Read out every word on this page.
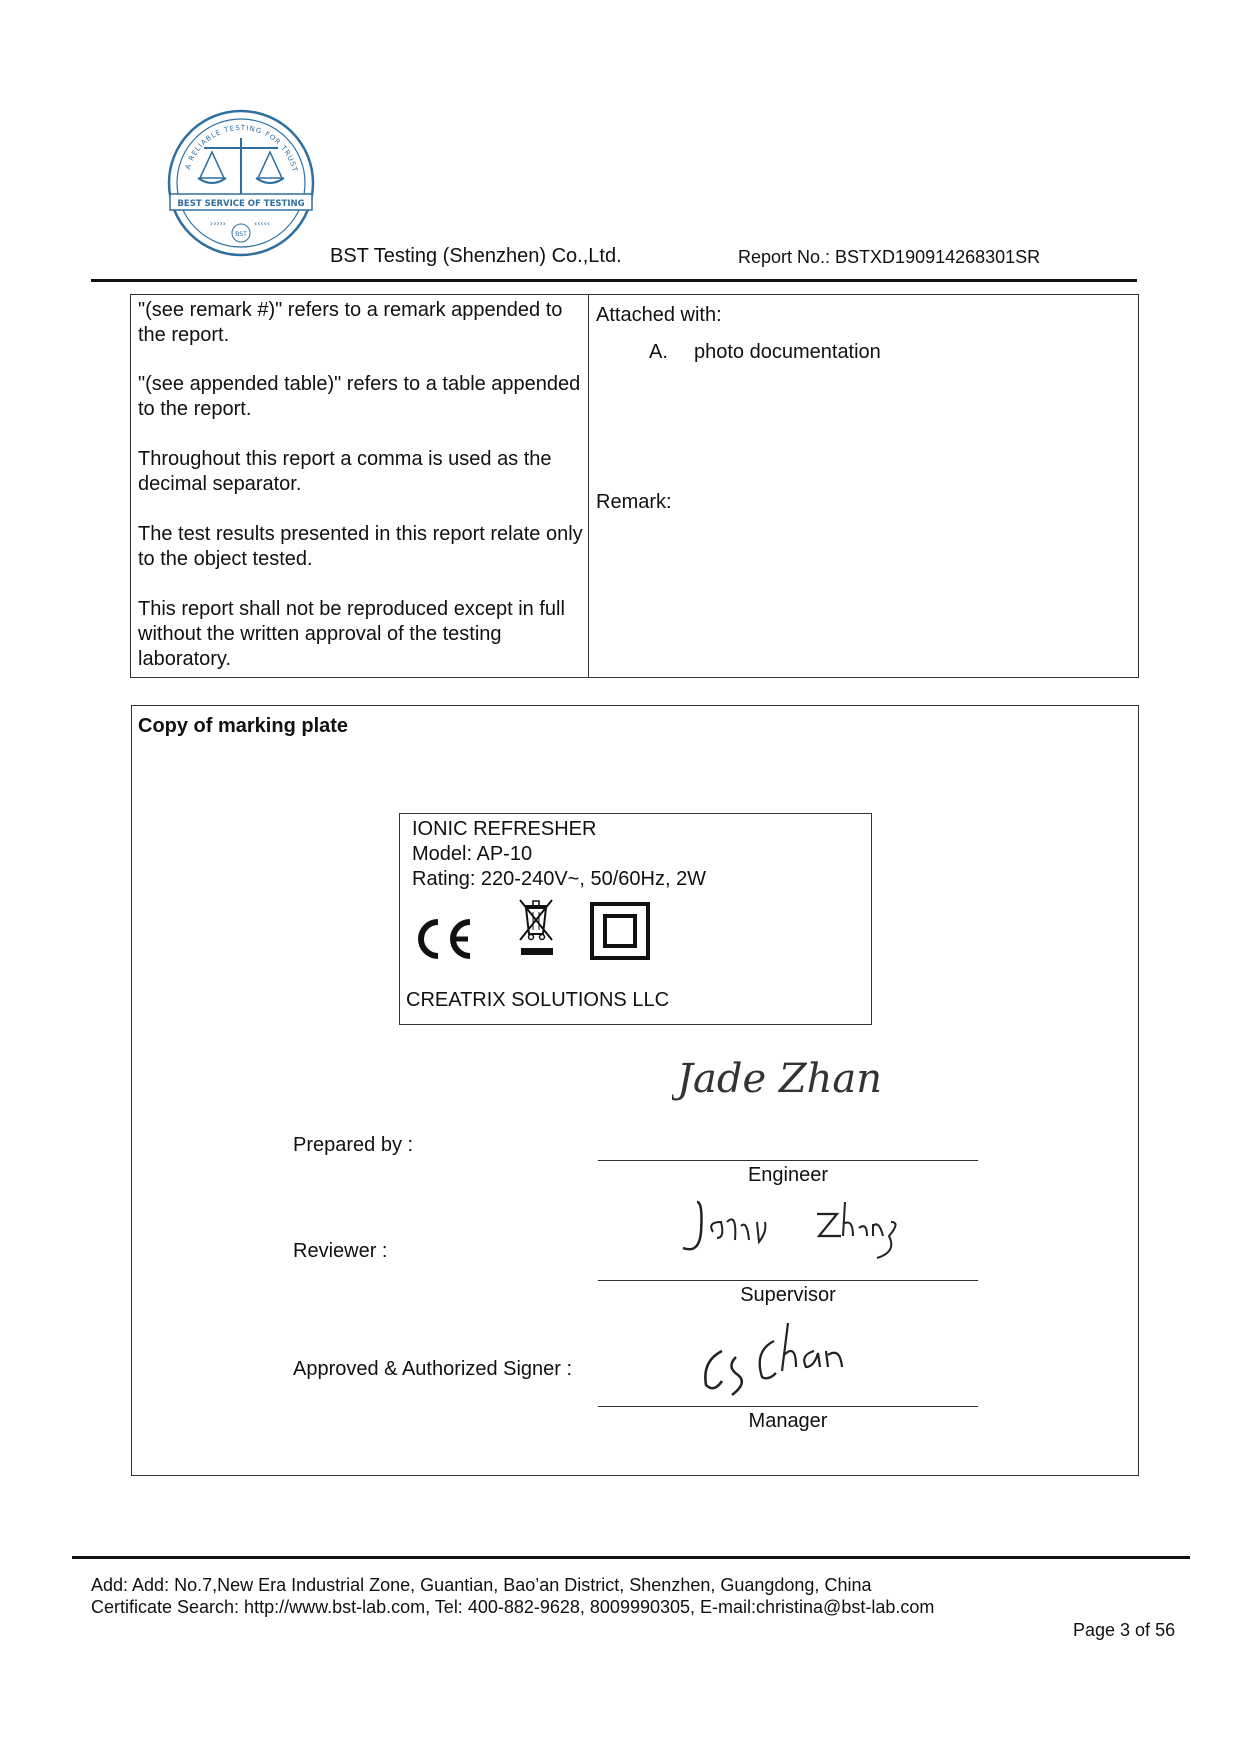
A RELIABLE TESTING FOR TRUST
BEST SERVICE OF TESTING
BST
›››››	‹‹‹‹‹
BST Testing (Shenzhen) Co.,Ltd.	Report No.: BSTXD190914268301SR
"(see remark #)" refers to a remark appended to the report.
"(see appended table)" refers to a table appended to the report.
Throughout this report a comma is used as the decimal separator.
The test results presented in this report relate only to the object tested.
This report shall not be reproduced except in full without the written approval of the testing laboratory.
Attached with:
A. photo documentation
Remark:
Copy of marking plate
IONIC REFRESHER
Model: AP-10
Rating: 220-240V~, 50/60Hz, 2W
CREATRIX SOLUTIONS LLC
Prepared by :
Jade Zhan
Engineer
Reviewer :
Supervisor
Approved & Authorized Signer :
Manager
Add: Add: No.7,New Era Industrial Zone, Guantian, Bao’an District, Shenzhen, Guangdong, China
Certificate Search: http://www.bst-lab.com, Tel: 400-882-9628, 8009990305, E-mail:christina@bst-lab.com
Page 3 of 56
